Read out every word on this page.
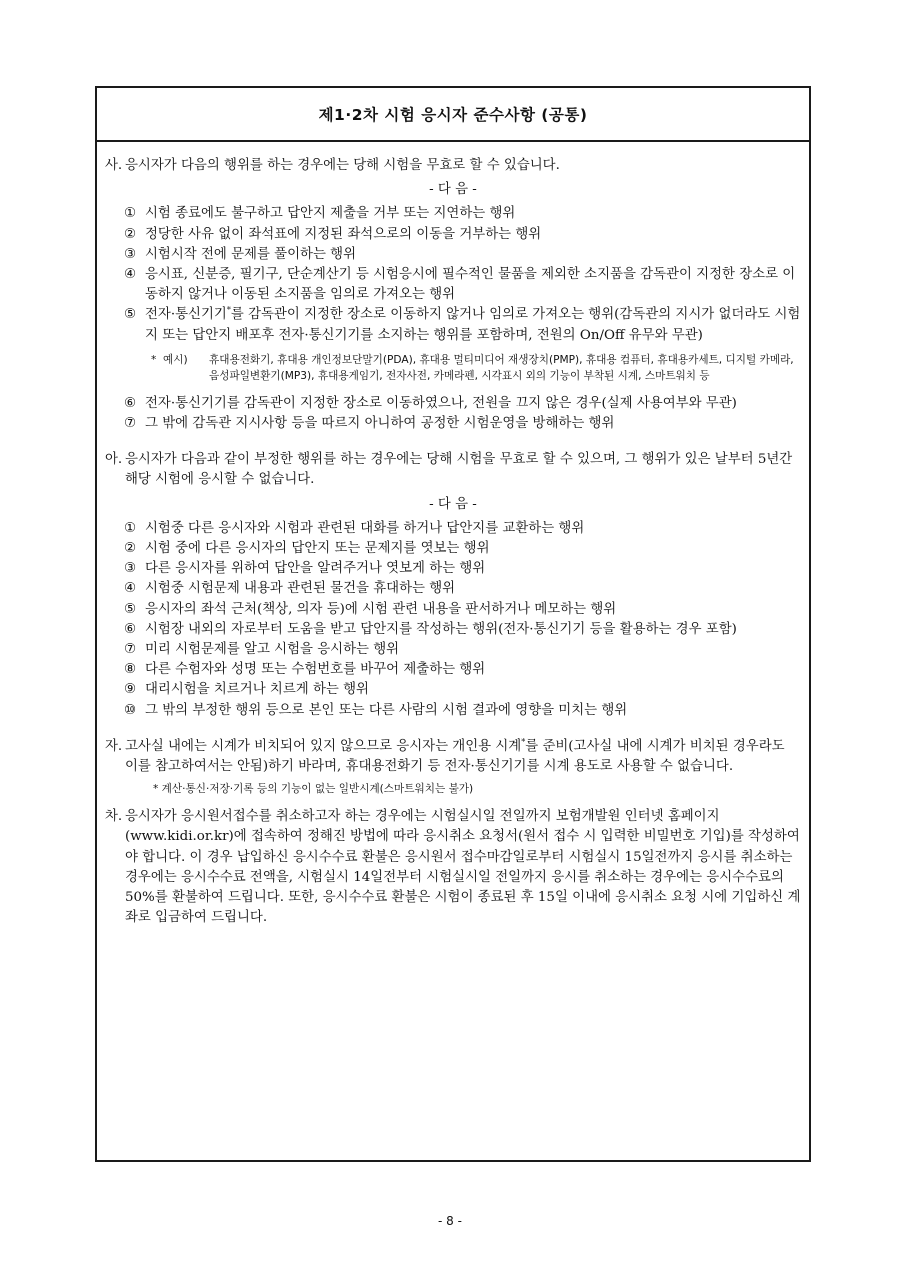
제1·2차 시험 응시자 준수사항 (공통)
사. 응시자가 다음의 행위를 하는 경우에는 당해 시험을 무효로 할 수 있습니다.
- 다 음 -
① 시험 종료에도 불구하고 답안지 제출을 거부 또는 지연하는 행위
② 정당한 사유 없이 좌석표에 지정된 좌석으로의 이동을 거부하는 행위
③ 시험시작 전에 문제를 풀이하는 행위
④ 응시표, 신분증, 필기구, 단순계산기 등 시험응시에 필수적인 물품을 제외한 소지품을 감독관이 지정한 장소로 이동하지 않거나 이동된 소지품을 임의로 가져오는 행위
⑤ 전자·통신기기*를 감독관이 지정한 장소로 이동하지 않거나 임의로 가져오는 행위(감독관의 지시가 없더라도 시험지 또는 답안지 배포후 전자·통신기기를 소지하는 행위를 포함하며, 전원의 On/Off 유무와 무관)
* 예시) 휴대용전화기, 휴대용 개인정보단말기(PDA), 휴대용 멀티미디어 재생장치(PMP), 휴대용 컴퓨터, 휴대용카세트, 디지털 카메라, 음성파일변환기(MP3), 휴대용게임기, 전자사전, 카메라펜, 시각표시 외의 기능이 부착된 시계, 스마트워치 등
⑥ 전자·통신기기를 감독관이 지정한 장소로 이동하였으나, 전원을 끄지 않은 경우(실제 사용여부와 무관)
⑦ 그 밖에 감독관 지시사항 등을 따르지 아니하여 공정한 시험운영을 방해하는 행위
아. 응시자가 다음과 같이 부정한 행위를 하는 경우에는 당해 시험을 무효로 할 수 있으며, 그 행위가 있은 날부터 5년간 해당 시험에 응시할 수 없습니다.
- 다 음 -
① 시험중 다른 응시자와 시험과 관련된 대화를 하거나 답안지를 교환하는 행위
② 시험 중에 다른 응시자의 답안지 또는 문제지를 엿보는 행위
③ 다른 응시자를 위하여 답안을 알려주거나 엿보게 하는 행위
④ 시험중 시험문제 내용과 관련된 물건을 휴대하는 행위
⑤ 응시자의 좌석 근처(책상, 의자 등)에 시험 관련 내용을 판서하거나 메모하는 행위
⑥ 시험장 내외의 자로부터 도움을 받고 답안지를 작성하는 행위(전자·통신기기 등을 활용하는 경우 포함)
⑦ 미리 시험문제를 알고 시험을 응시하는 행위
⑧ 다른 수험자와 성명 또는 수험번호를 바꾸어 제출하는 행위
⑨ 대리시험을 치르거나 치르게 하는 행위
⑩ 그 밖의 부정한 행위 등으로 본인 또는 다른 사람의 시험 결과에 영향을 미치는 행위
자. 고사실 내에는 시계가 비치되어 있지 않으므로 응시자는 개인용 시계*를 준비(고사실 내에 시계가 비치된 경우라도 이를 참고하여서는 안됨)하기 바라며, 휴대용전화기 등 전자·통신기기를 시계 용도로 사용할 수 없습니다.
* 계산·통신·저장·기록 등의 기능이 없는 일반시계(스마트워치는 불가)
차. 응시자가 응시원서접수를 취소하고자 하는 경우에는 시험실시일 전일까지 보험개발원 인터넷 홈페이지(www.kidi.or.kr)에 접속하여 정해진 방법에 따라 응시취소 요청서(원서 접수 시 입력한 비밀번호 기입)를 작성하여야 합니다. 이 경우 납입하신 응시수수료 환불은 응시원서 접수마감일로부터 시험실시 15일전까지 응시를 취소하는 경우에는 응시수수료 전액을, 시험실시 14일전부터 시험실시일 전일까지 응시를 취소하는 경우에는 응시수수료의 50%를 환불하여 드립니다. 또한, 응시수수료 환불은 시험이 종료된 후 15일 이내에 응시취소 요청 시에 기입하신 계좌로 입금하여 드립니다.
- 8 -
